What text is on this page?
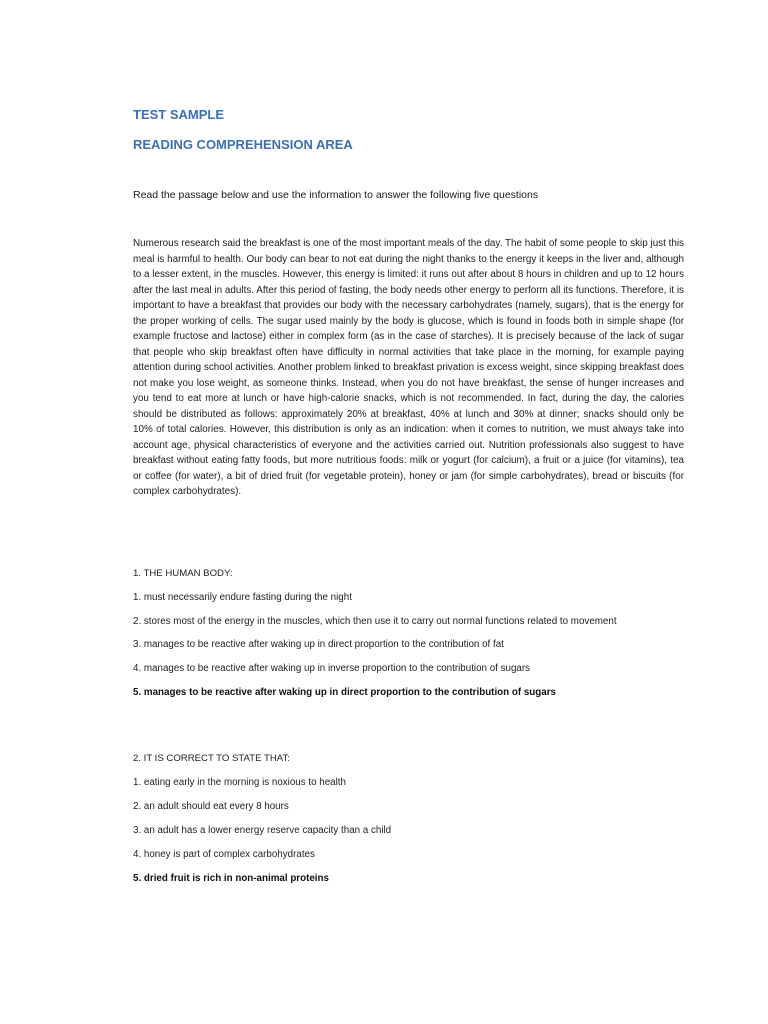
TEST SAMPLE
READING COMPREHENSION AREA
Read the passage below and use the information to answer the following five questions

Numerous research said the breakfast is one of the most important meals of the day. The habit of some people to skip just this meal is harmful to health. Our body can bear to not eat during the night thanks to the energy it keeps in the liver and, although to a lesser extent, in the muscles. However, this energy is limited: it runs out after about 8 hours in children and up to 12 hours after the last meal in adults. After this period of fasting, the body needs other energy to perform all its functions. Therefore, it is important to have a breakfast that provides our body with the necessary carbohydrates (namely, sugars), that is the energy for the proper working of cells. The sugar used mainly by the body is glucose, which is found in foods both in simple shape (for example fructose and lactose) either in complex form (as in the case of starches). It is precisely because of the lack of sugar that people who skip breakfast often have difficulty in normal activities that take place in the morning, for example paying attention during school activities. Another problem linked to breakfast privation is excess weight, since skipping breakfast does not make you lose weight, as someone thinks. Instead, when you do not have breakfast, the sense of hunger increases and you tend to eat more at lunch or have high-calorie snacks, which is not recommended. In fact, during the day, the calories should be distributed as follows: approximately 20% at breakfast, 40% at lunch and 30% at dinner; snacks should only be 10% of total calories. However, this distribution is only as an indication: when it comes to nutrition, we must always take into account age, physical characteristics of everyone and the activities carried out. Nutrition professionals also suggest to have breakfast without eating fatty foods, but more nutritious foods: milk or yogurt (for calcium), a fruit or a juice (for vitamins), tea or coffee (for water), a bit of dried fruit (for vegetable protein), honey or jam (for simple carbohydrates), bread or biscuits (for complex carbohydrates).

1. THE HUMAN BODY:
1. must necessarily endure fasting during the night
2. stores most of the energy in the muscles, which then use it to carry out normal functions related to movement
3. manages to be reactive after waking up in direct proportion to the contribution of fat
4. manages to be reactive after waking up in inverse proportion to the contribution of sugars
5. manages to be reactive after waking up in direct proportion to the contribution of sugars
2. IT IS CORRECT TO STATE THAT:
1. eating early in the morning is noxious to health
2. an adult should eat every 8 hours
3. an adult has a lower energy reserve capacity than a child
4. honey is part of complex carbohydrates
5. dried fruit is rich in non-animal proteins
